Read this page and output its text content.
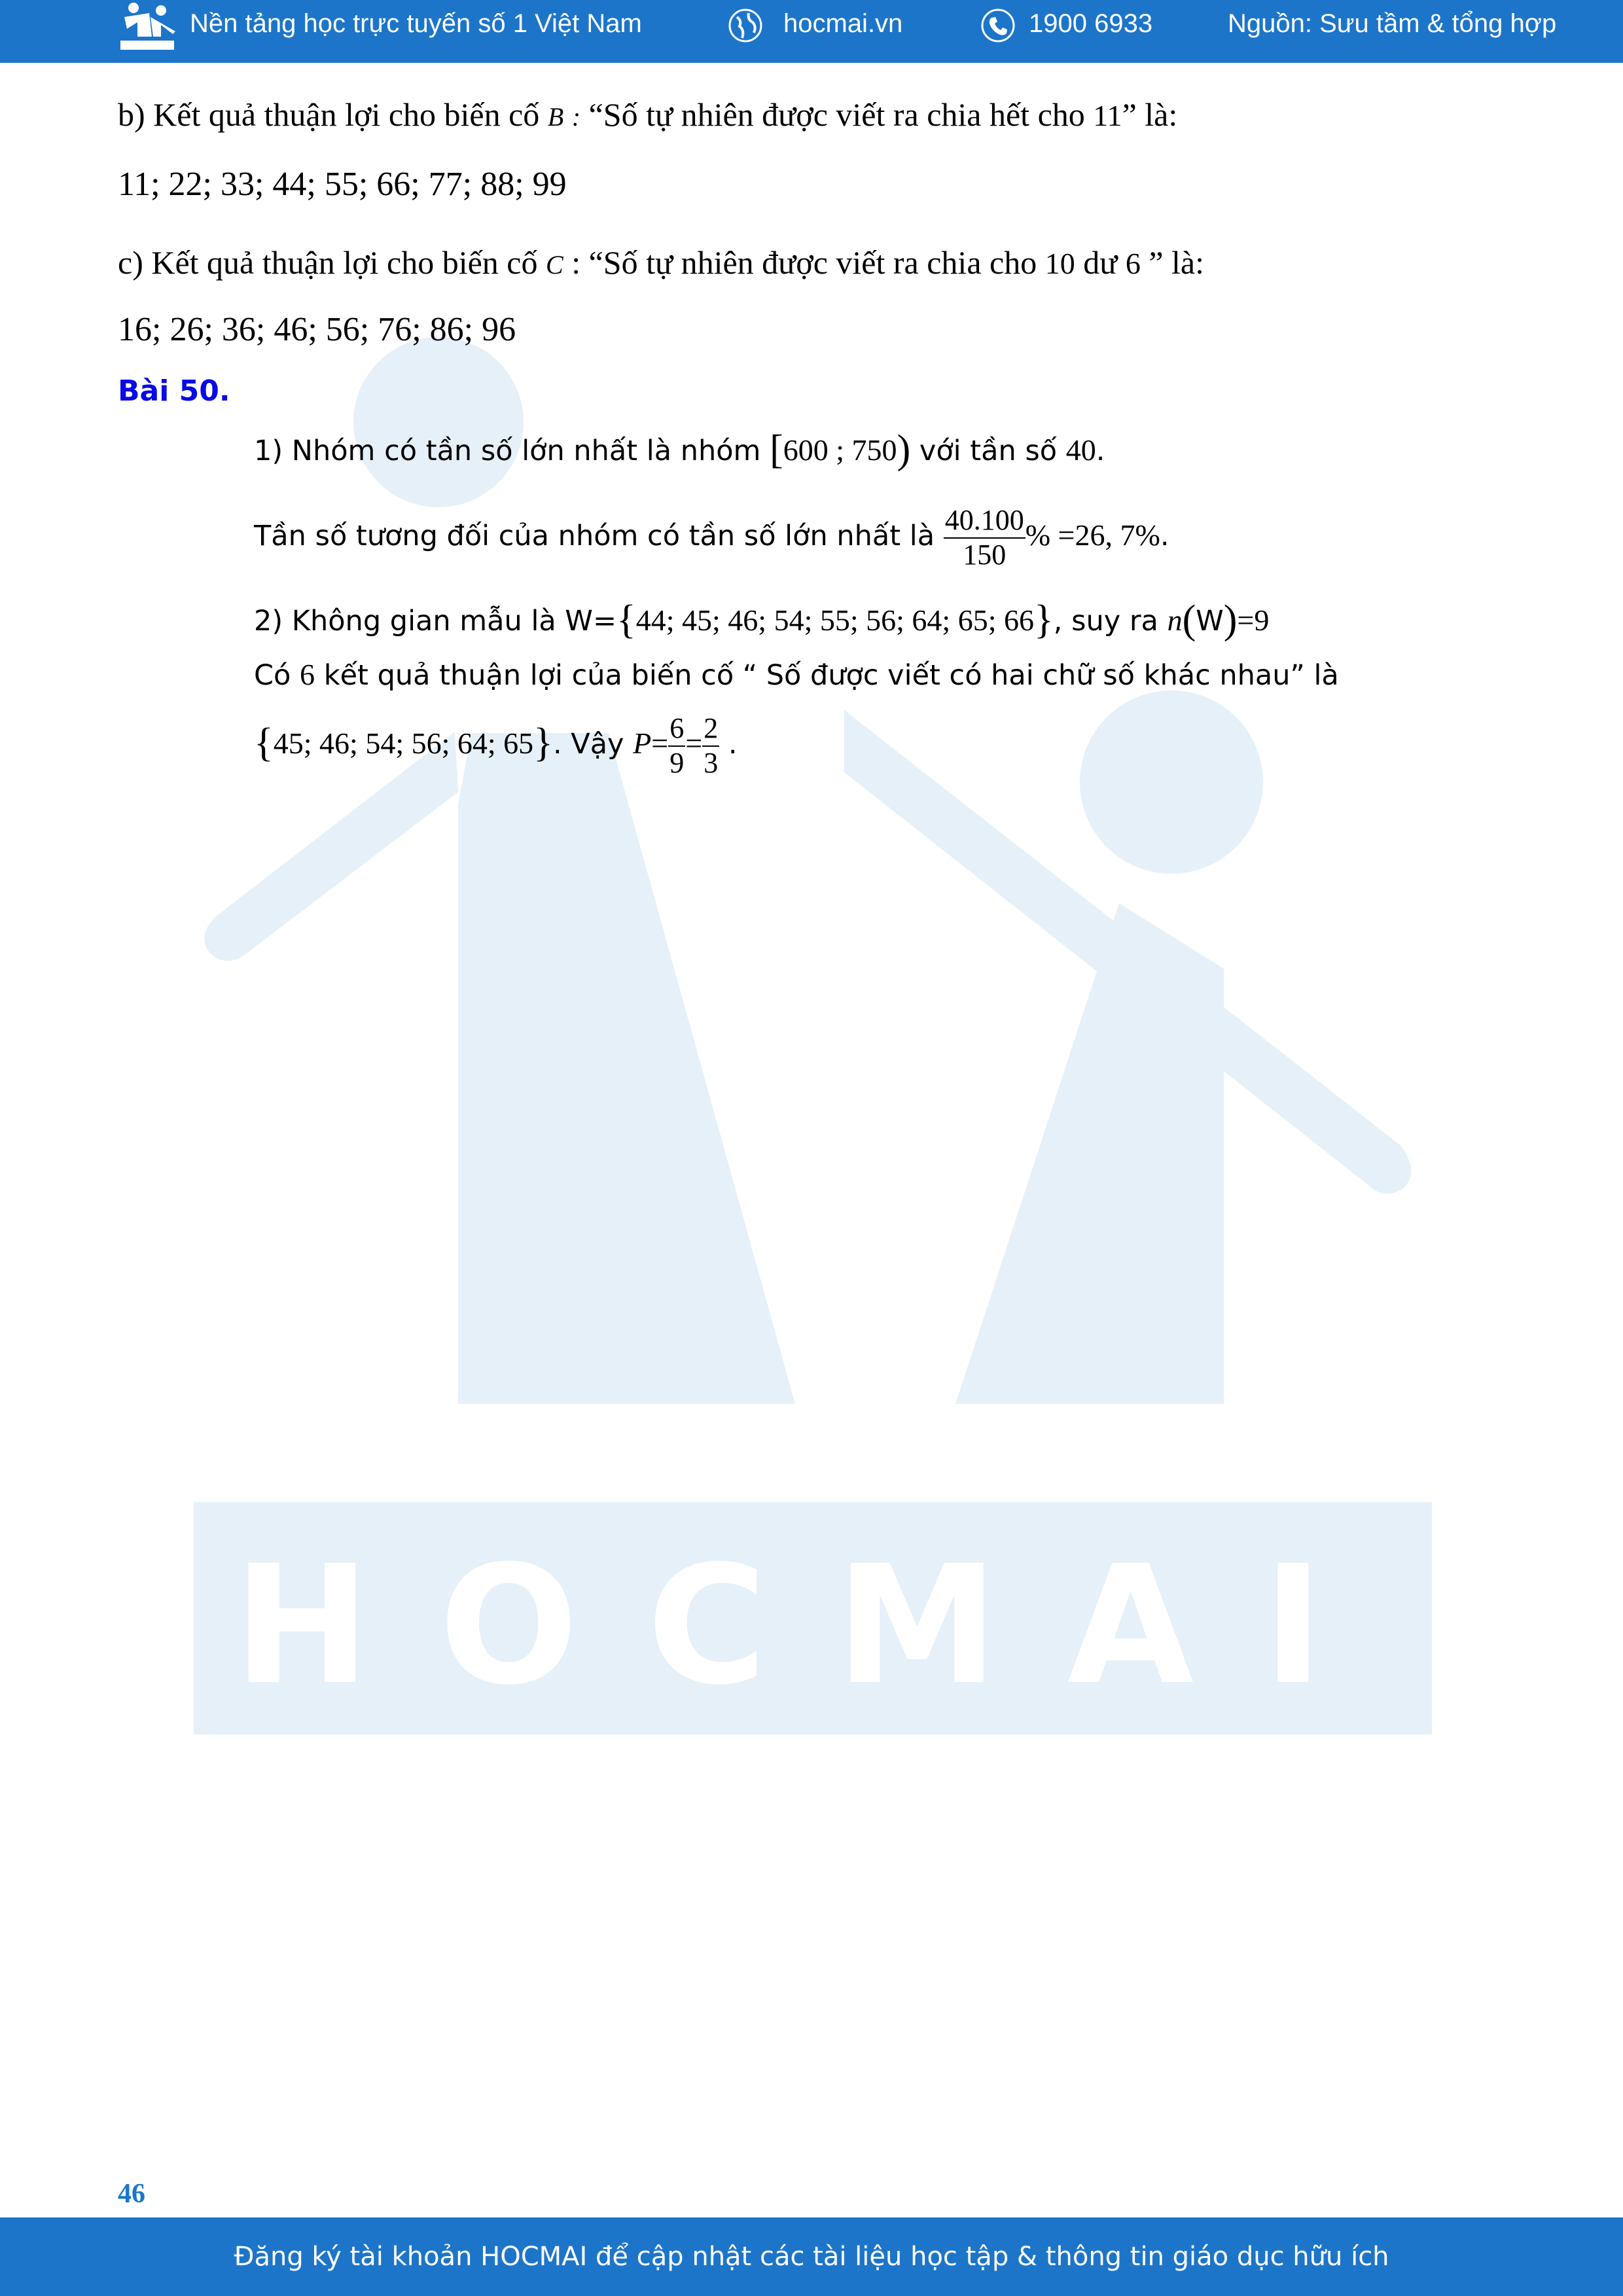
HOCMAI
Nền tảng học trực tuyến số 1 Việt Nam	hocmai.vn	1900 6933	Nguồn: Sưu tầm & tổng hợp
b) Kết quả thuận lợi cho biến cố B : “Số tự nhiên được viết ra chia hết cho 11” là:
11; 22; 33; 44; 55; 66; 77; 88; 99
c) Kết quả thuận lợi cho biến cố C : “Số tự nhiên được viết ra chia cho 10 dư 6 ” là:
16; 26; 36; 46; 56; 76; 86; 96
Bài 50.
1) Nhóm có tần số lớn nhất là nhóm [600 ; 750) với tần số 40.
Tần số tương đối của nhóm có tần số lớn nhất là $\frac{40.100}{150}$ % =26, 7%.
2) Không gian mẫu là W={44; 45; 46; 54; 55; 56; 64; 65; 66}, suy ra n(W)=9
Có 6 kết quả thuận lợi của biến cố “ Số được viết có hai chữ số khác nhau” là
{45; 46; 54; 56; 64; 65}. Vậy $P= \frac{6}{9} = \frac{2}{3}$ .
46
Đăng ký tài khoản HOCMAI để cập nhật các tài liệu học tập & thông tin giáo dục hữu ích
